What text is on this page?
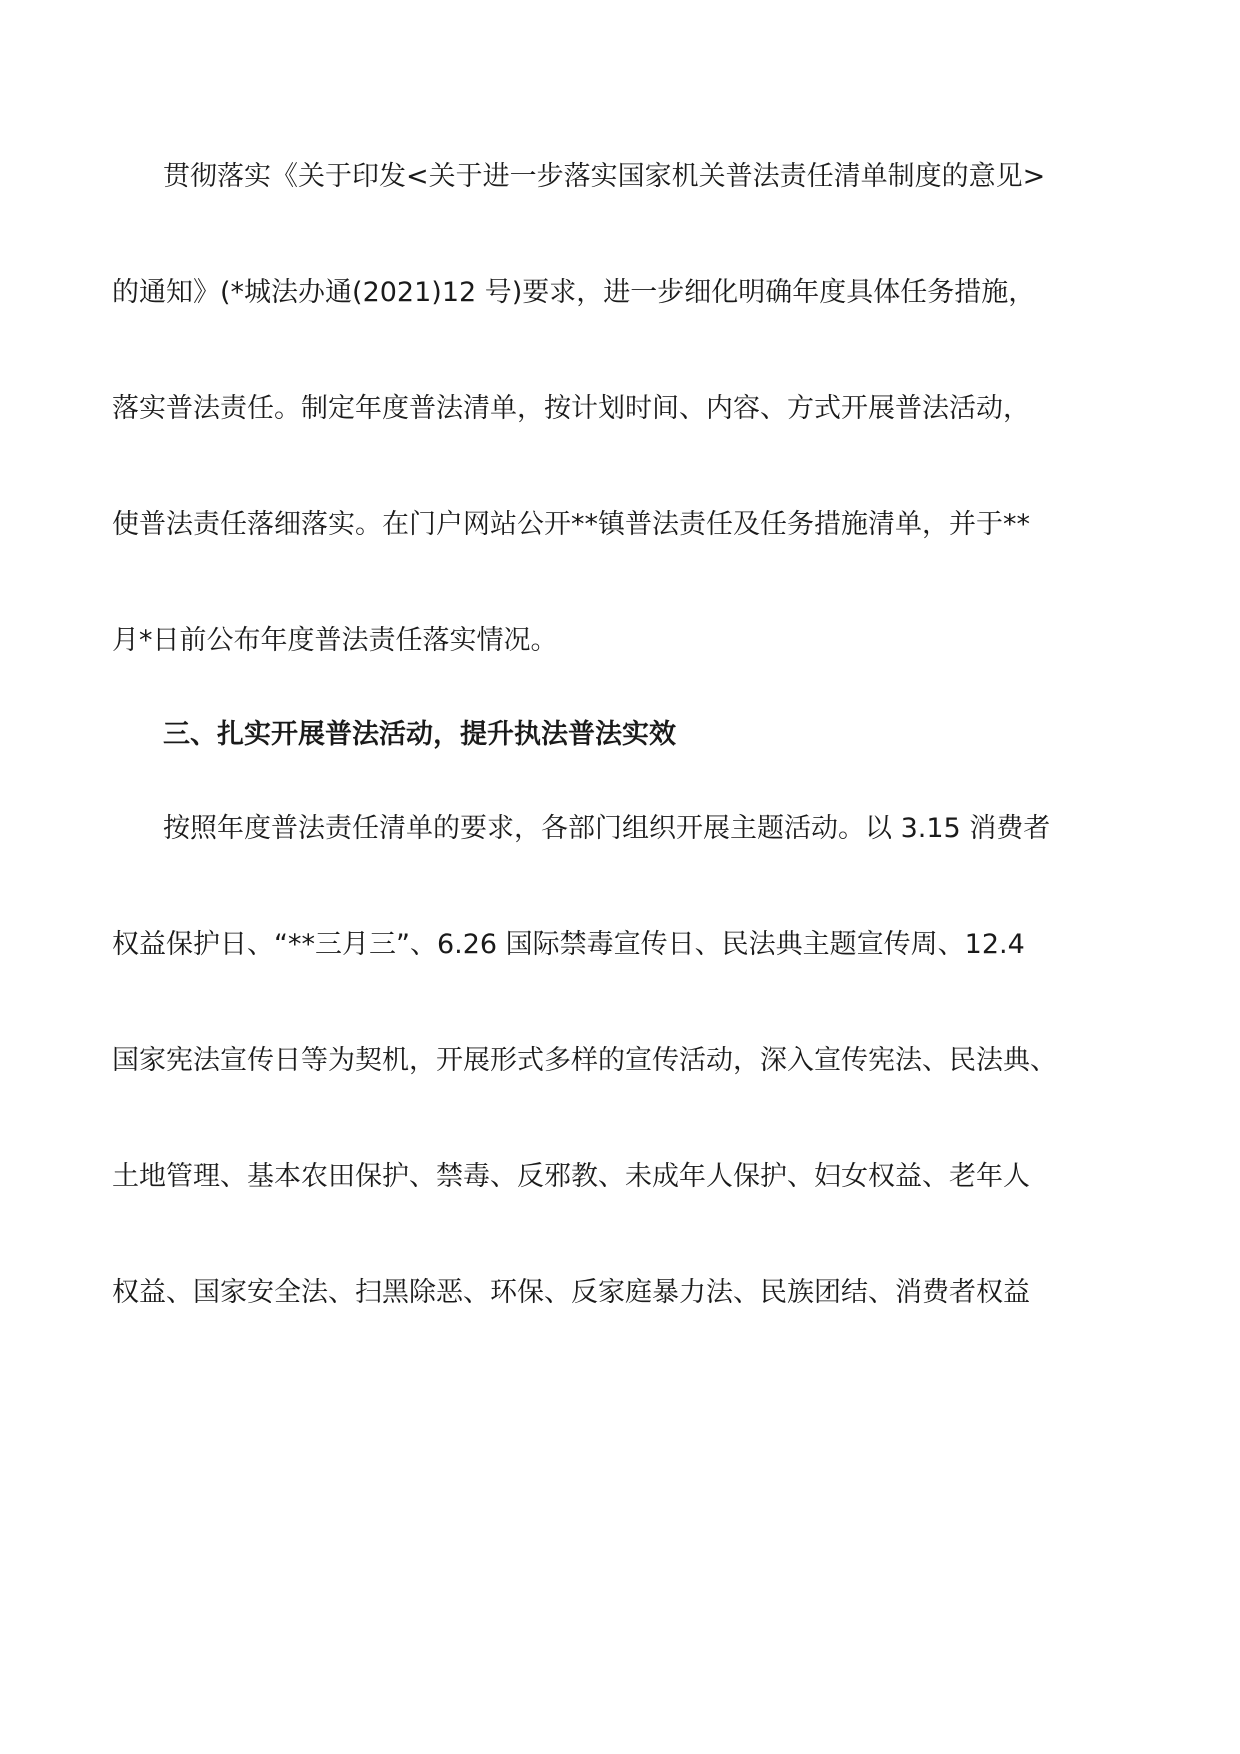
贯彻落实《关于印发<关于进一步落实国家机关普法责任清单制度的意见>
的通知》(*城法办通(2021)12 号)要求，进一步细化明确年度具体任务措施，
落实普法责任。制定年度普法清单，按计划时间、内容、方式开展普法活动，
使普法责任落细落实。在门户网站公开**镇普法责任及任务措施清单，并于**
月*日前公布年度普法责任落实情况。
三、扎实开展普法活动，提升执法普法实效
按照年度普法责任清单的要求，各部门组织开展主题活动。以 3.15 消费者
权益保护日、“**三月三”、6.26 国际禁毒宣传日、民法典主题宣传周、12.4
国家宪法宣传日等为契机，开展形式多样的宣传活动，深入宣传宪法、民法典、
土地管理、基本农田保护、禁毒、反邪教、未成年人保护、妇女权益、老年人
权益、国家安全法、扫黑除恶、环保、反家庭暴力法、民族团结、消费者权益
